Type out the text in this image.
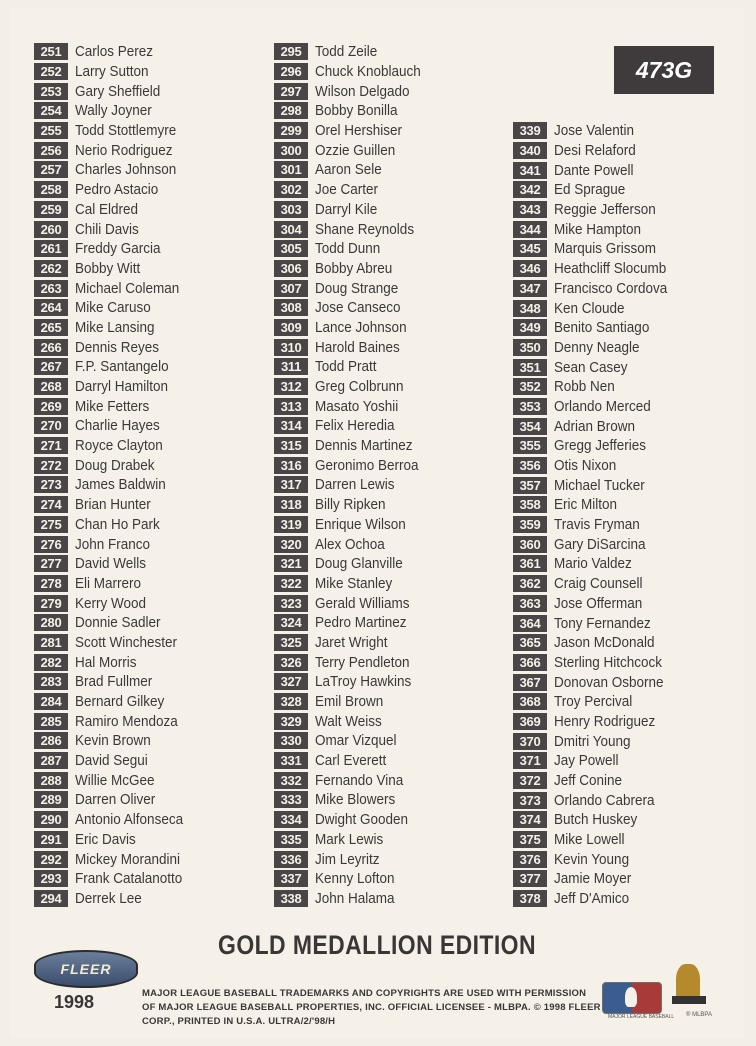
251 Carlos Perez
252 Larry Sutton
253 Gary Sheffield
254 Wally Joyner
255 Todd Stottlemyre
256 Nerio Rodriguez
257 Charles Johnson
258 Pedro Astacio
259 Cal Eldred
260 Chili Davis
261 Freddy Garcia
262 Bobby Witt
263 Michael Coleman
264 Mike Caruso
265 Mike Lansing
266 Dennis Reyes
267 F.P. Santangelo
268 Darryl Hamilton
269 Mike Fetters
270 Charlie Hayes
271 Royce Clayton
272 Doug Drabek
273 James Baldwin
274 Brian Hunter
275 Chan Ho Park
276 John Franco
277 David Wells
278 Eli Marrero
279 Kerry Wood
280 Donnie Sadler
281 Scott Winchester
282 Hal Morris
283 Brad Fullmer
284 Bernard Gilkey
285 Ramiro Mendoza
286 Kevin Brown
287 David Segui
288 Willie McGee
289 Darren Oliver
290 Antonio Alfonseca
291 Eric Davis
292 Mickey Morandini
293 Frank Catalanotto
294 Derrek Lee
295 Todd Zeile
296 Chuck Knoblauch
297 Wilson Delgado
298 Bobby Bonilla
299 Orel Hershiser
300 Ozzie Guillen
301 Aaron Sele
302 Joe Carter
303 Darryl Kile
304 Shane Reynolds
305 Todd Dunn
306 Bobby Abreu
307 Doug Strange
308 Jose Canseco
309 Lance Johnson
310 Harold Baines
311 Todd Pratt
312 Greg Colbrunn
313 Masato Yoshii
314 Felix Heredia
315 Dennis Martinez
316 Geronimo Berroa
317 Darren Lewis
318 Billy Ripken
319 Enrique Wilson
320 Alex Ochoa
321 Doug Glanville
322 Mike Stanley
323 Gerald Williams
324 Pedro Martinez
325 Jaret Wright
326 Terry Pendleton
327 LaTroy Hawkins
328 Emil Brown
329 Walt Weiss
330 Omar Vizquel
331 Carl Everett
332 Fernando Vina
333 Mike Blowers
334 Dwight Gooden
335 Mark Lewis
336 Jim Leyritz
337 Kenny Lofton
338 John Halama
339 Jose Valentin
340 Desi Relaford
341 Dante Powell
342 Ed Sprague
343 Reggie Jefferson
344 Mike Hampton
345 Marquis Grissom
346 Heathcliff Slocumb
347 Francisco Cordova
348 Ken Cloude
349 Benito Santiago
350 Denny Neagle
351 Sean Casey
352 Robb Nen
353 Orlando Merced
354 Adrian Brown
355 Gregg Jefferies
356 Otis Nixon
357 Michael Tucker
358 Eric Milton
359 Travis Fryman
360 Gary DiSarcina
361 Mario Valdez
362 Craig Counsell
363 Jose Offerman
364 Tony Fernandez
365 Jason McDonald
366 Sterling Hitchcock
367 Donovan Osborne
368 Troy Percival
369 Henry Rodriguez
370 Dmitri Young
371 Jay Powell
372 Jeff Conine
373 Orlando Cabrera
374 Butch Huskey
375 Mike Lowell
376 Kevin Young
377 Jamie Moyer
378 Jeff D'Amico
473G
GOLD MEDALLION EDITION
FLEER
1998	MAJOR LEAGUE BASEBALL TRADEMARKS AND COPYRIGHTS ARE USED WITH PERMISSION OF MAJOR LEAGUE BASEBALL PROPERTIES, INC. OFFICIAL LICENSEE - MLBPA. © 1998 FLEER CORP., PRINTED IN U.S.A. ULTRA/2/'98/H	MAJOR LEAGUE BASEBALL ® MLBPA
